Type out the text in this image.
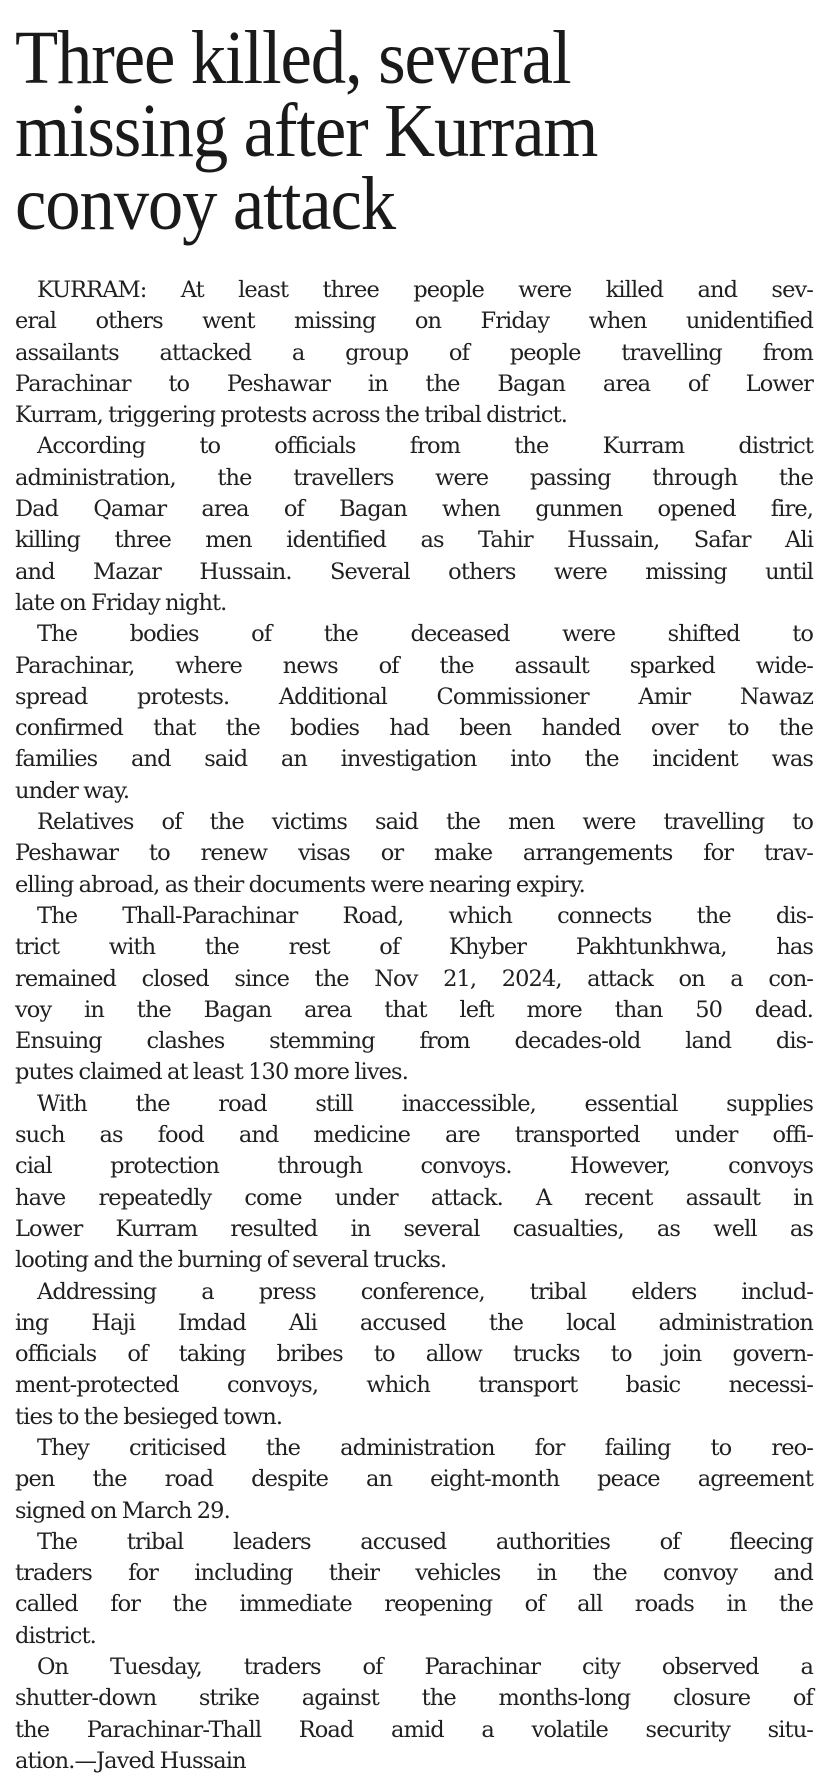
Three killed, several
missing after Kurram
convoy attack
KURRAM: At least three people were killed and sev-
eral others went missing on Friday when unidentified
assailants attacked a group of people travelling from
Parachinar to Peshawar in the Bagan area of Lower
Kurram, triggering protests across the tribal district.
According to officials from the Kurram district
administration, the travellers were passing through the
Dad Qamar area of Bagan when gunmen opened fire,
killing three men identified as Tahir Hussain, Safar Ali
and Mazar Hussain. Several others were missing until
late on Friday night.
The bodies of the deceased were shifted to
Parachinar, where news of the assault sparked wide-
spread protests. Additional Commissioner Amir Nawaz
confirmed that the bodies had been handed over to the
families and said an investigation into the incident was
under way.
Relatives of the victims said the men were travelling to
Peshawar to renew visas or make arrangements for trav-
elling abroad, as their documents were nearing expiry.
The Thall-Parachinar Road, which connects the dis-
trict with the rest of Khyber Pakhtunkhwa, has
remained closed since the Nov 21, 2024, attack on a con-
voy in the Bagan area that left more than 50 dead.
Ensuing clashes stemming from decades-old land dis-
putes claimed at least 130 more lives.
With the road still inaccessible, essential supplies
such as food and medicine are transported under offi-
cial protection through convoys. However, convoys
have repeatedly come under attack. A recent assault in
Lower Kurram resulted in several casualties, as well as
looting and the burning of several trucks.
Addressing a press conference, tribal elders includ-
ing Haji Imdad Ali accused the local administration
officials of taking bribes to allow trucks to join govern-
ment-protected convoys, which transport basic necessi-
ties to the besieged town.
They criticised the administration for failing to reo-
pen the road despite an eight-month peace agreement
signed on March 29.
The tribal leaders accused authorities of fleecing
traders for including their vehicles in the convoy and
called for the immediate reopening of all roads in the
district.
On Tuesday, traders of Parachinar city observed a
shutter-down strike against the months-long closure of
the Parachinar-Thall Road amid a volatile security situ-
ation.—Javed Hussain
